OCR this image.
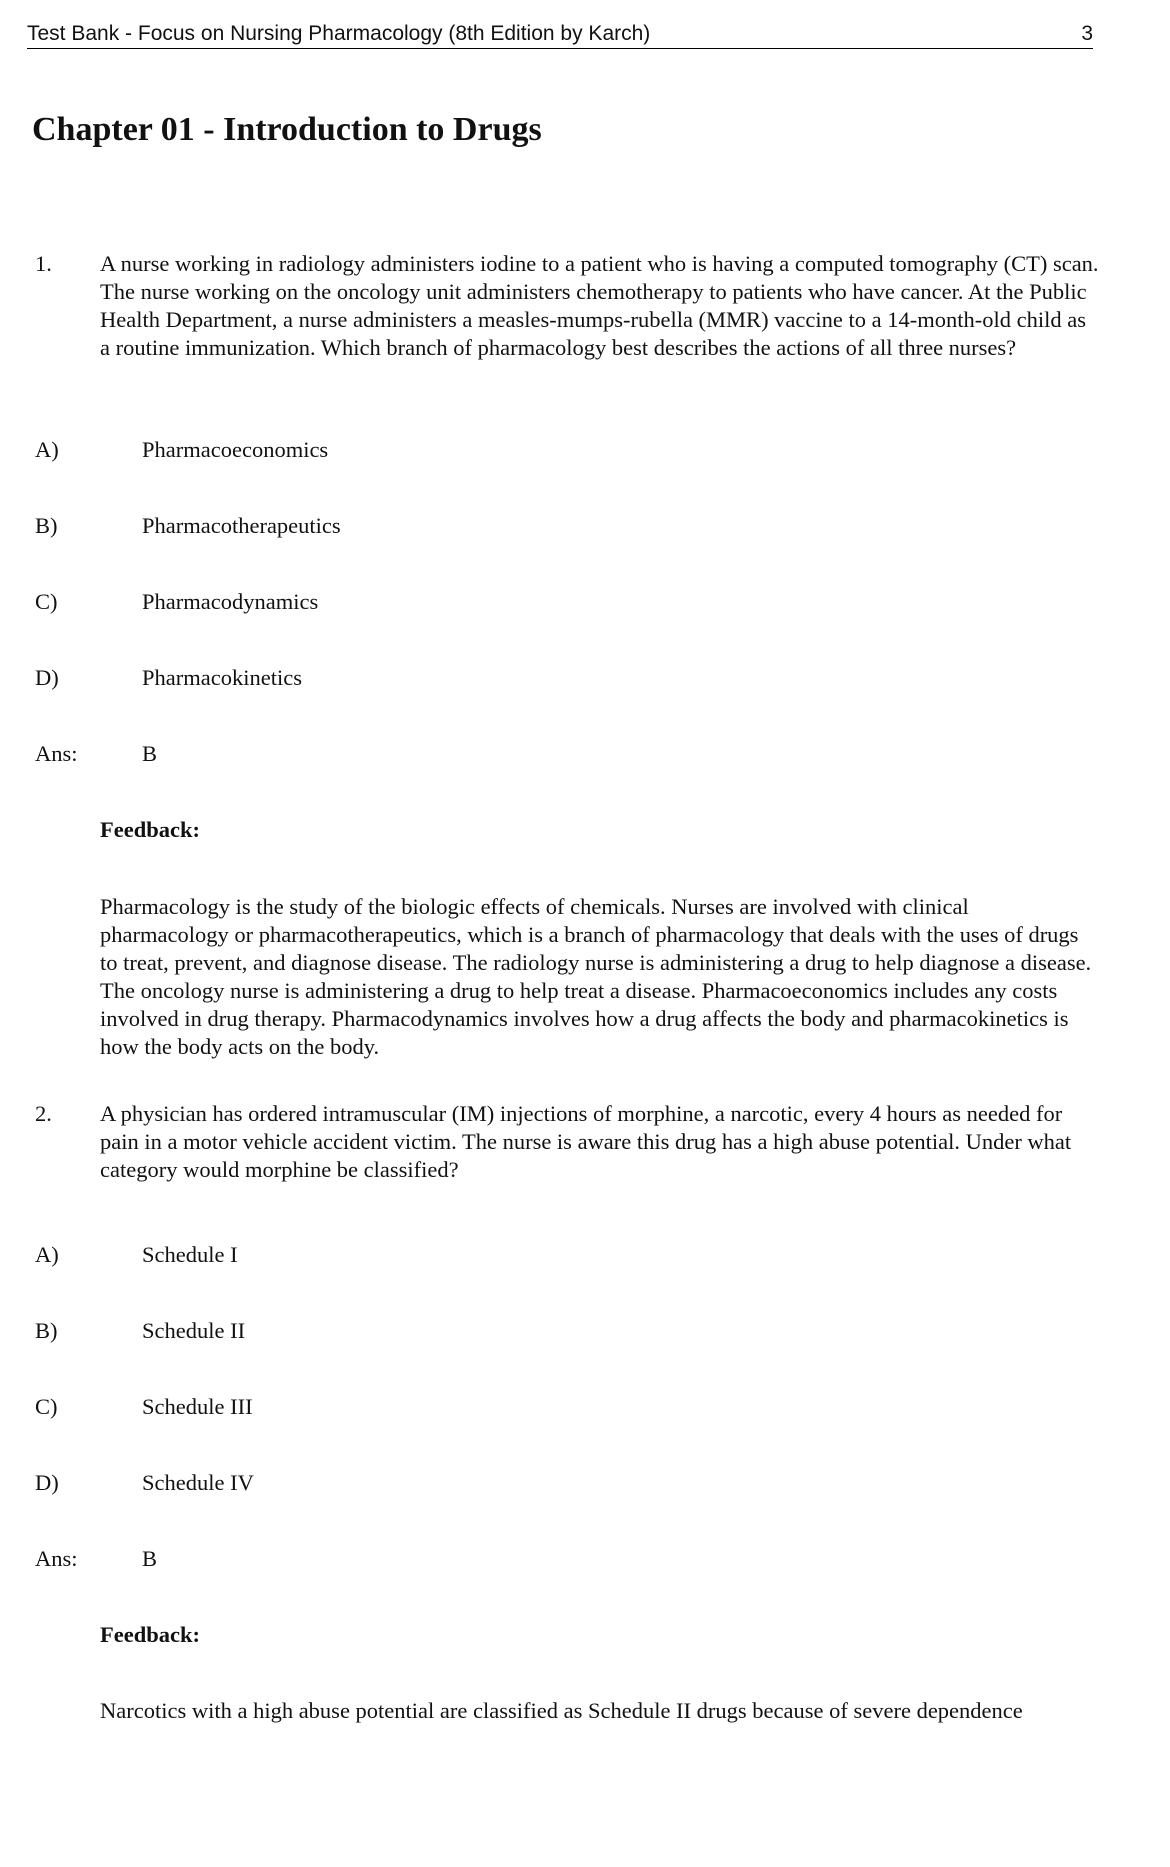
Test Bank - Focus on Nursing Pharmacology (8th Edition by Karch)	3
Chapter 01 - Introduction to Drugs
1. A nurse working in radiology administers iodine to a patient who is having a computed tomography (CT) scan. The nurse working on the oncology unit administers chemotherapy to patients who have cancer. At the Public Health Department, a nurse administers a measles-mumps-rubella (MMR) vaccine to a 14-month-old child as a routine immunization. Which branch of pharmacology best describes the actions of all three nurses?

A)	Pharmacoeconomics
B)	Pharmacotherapeutics
C)	Pharmacodynamics
D)	Pharmacokinetics
Ans:	B
Feedback:

Pharmacology is the study of the biologic effects of chemicals. Nurses are involved with clinical pharmacology or pharmacotherapeutics, which is a branch of pharmacology that deals with the uses of drugs to treat, prevent, and diagnose disease. The radiology nurse is administering a drug to help diagnose a disease. The oncology nurse is administering a drug to help treat a disease. Pharmacoeconomics includes any costs involved in drug therapy. Pharmacodynamics involves how a drug affects the body and pharmacokinetics is how the body acts on the body.

2. A physician has ordered intramuscular (IM) injections of morphine, a narcotic, every 4 hours as needed for pain in a motor vehicle accident victim. The nurse is aware this drug has a high abuse potential. Under what category would morphine be classified?

A)	Schedule I
B)	Schedule II
C)	Schedule III
D)	Schedule IV
Ans:	B
Feedback:

Narcotics with a high abuse potential are classified as Schedule II drugs because of severe dependence
